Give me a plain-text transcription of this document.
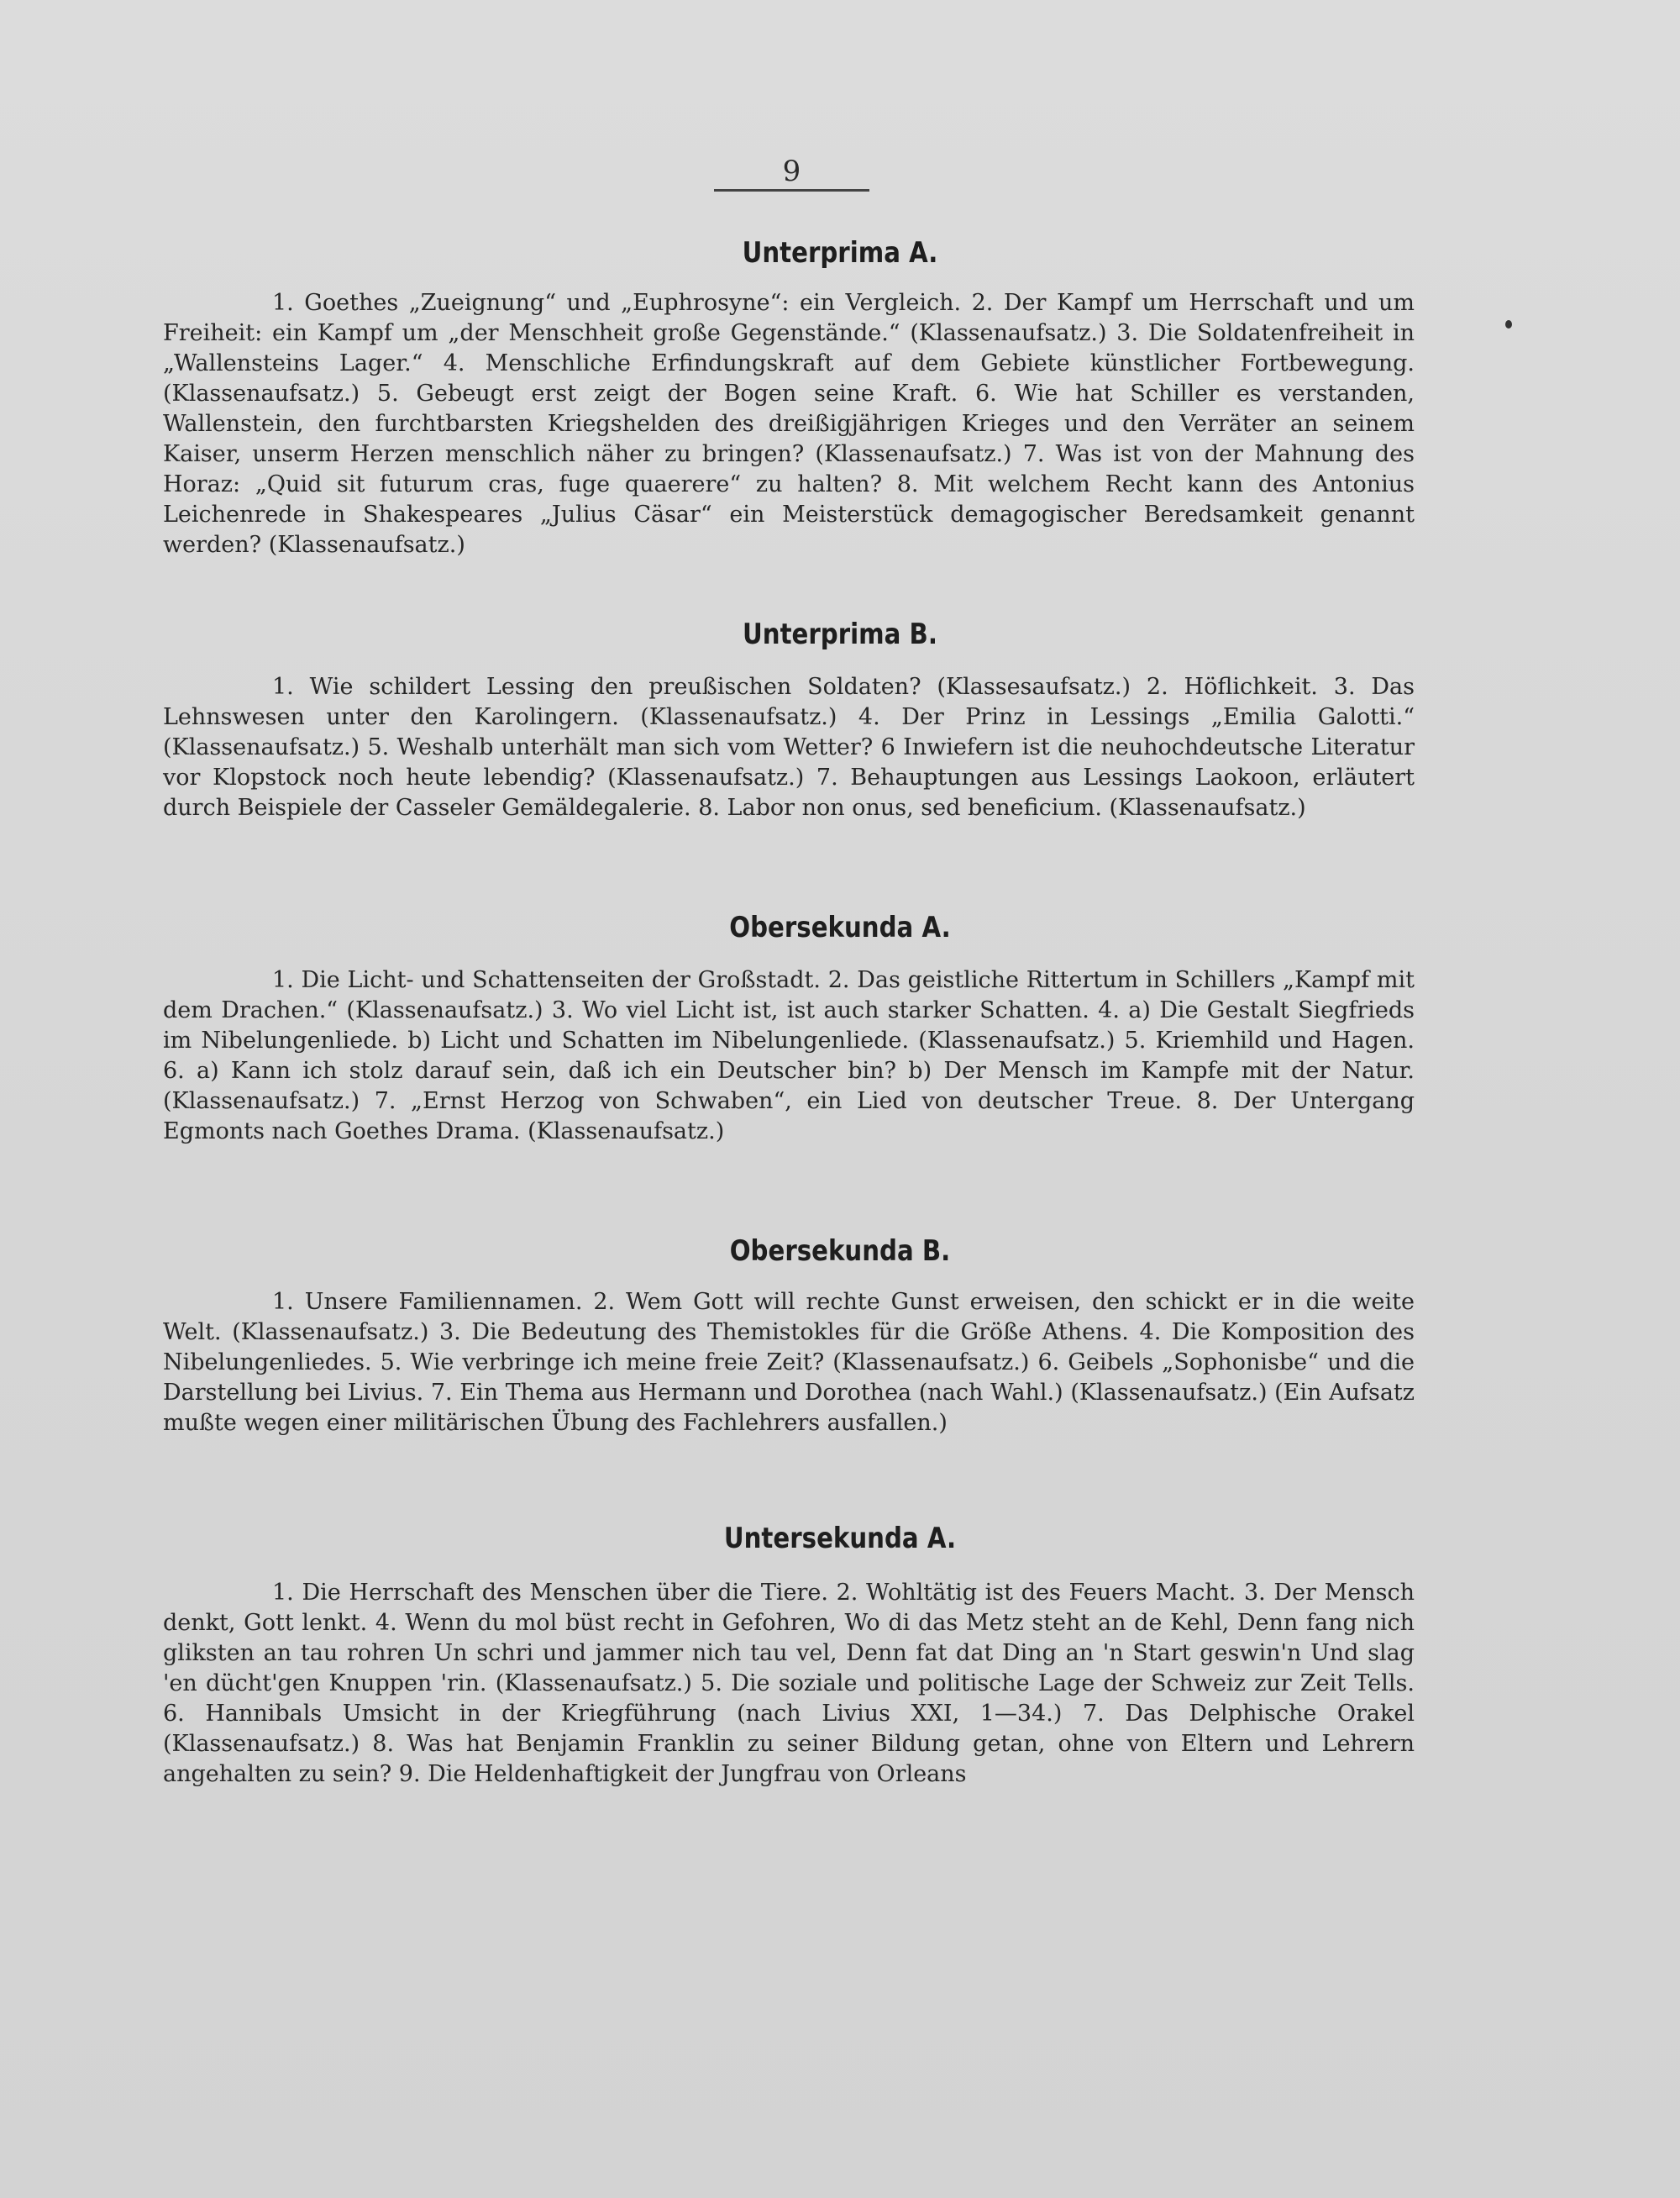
9
Unterprima A.

1. Goethes „Zueignung“ und „Euphrosyne“: ein Vergleich. 2. Der Kampf um Herrschaft und um Freiheit: ein Kampf um „der Menschheit große Gegenstände.“ (Klassenaufsatz.) 3. Die Soldatenfreiheit in „Wallensteins Lager.“ 4. Menschliche Erfindungskraft auf dem Gebiete künstlicher Fortbewegung. (Klassenaufsatz.) 5. Gebeugt erst zeigt der Bogen seine Kraft. 6. Wie hat Schiller es verstanden, Wallenstein, den furchtbarsten Kriegshelden des dreißigjährigen Krieges und den Verräter an seinem Kaiser, unserm Herzen menschlich näher zu bringen? (Klassenaufsatz.) 7. Was ist von der Mahnung des Horaz: „Quid sit futurum cras, fuge quaerere“ zu halten? 8. Mit welchem Recht kann des Antonius Leichenrede in Shakespeares „Julius Cäsar“ ein Meisterstück demagogischer Beredsamkeit genannt werden? (Klassenaufsatz.)

Unterprima B.

1. Wie schildert Lessing den preußischen Soldaten? (Klassesaufsatz.) 2. Höflichkeit. 3. Das Lehnswesen unter den Karolingern. (Klassenaufsatz.) 4. Der Prinz in Lessings „Emilia Galotti.“ (Klassenaufsatz.) 5. Weshalb unterhält man sich vom Wetter? 6 Inwiefern ist die neuhochdeutsche Literatur vor Klopstock noch heute lebendig? (Klassenaufsatz.) 7. Behauptungen aus Lessings Laokoon, erläutert durch Beispiele der Casseler Gemäldegalerie. 8. Labor non onus, sed beneficium. (Klassenaufsatz.)

Obersekunda A.

1. Die Licht- und Schattenseiten der Großstadt. 2. Das geistliche Rittertum in Schillers „Kampf mit dem Drachen.“ (Klassenaufsatz.) 3. Wo viel Licht ist, ist auch starker Schatten. 4. a) Die Gestalt Siegfrieds im Nibelungenliede. b) Licht und Schatten im Nibelungenliede. (Klassenaufsatz.) 5. Kriemhild und Hagen. 6. a) Kann ich stolz darauf sein, daß ich ein Deutscher bin? b) Der Mensch im Kampfe mit der Natur. (Klassenaufsatz.) 7. „Ernst Herzog von Schwaben“, ein Lied von deutscher Treue. 8. Der Untergang Egmonts nach Goethes Drama. (Klassenaufsatz.)

Obersekunda B.

1. Unsere Familiennamen. 2. Wem Gott will rechte Gunst erweisen, den schickt er in die weite Welt. (Klassenaufsatz.) 3. Die Bedeutung des Themistokles für die Größe Athens. 4. Die Komposition des Nibelungenliedes. 5. Wie verbringe ich meine freie Zeit? (Klassenaufsatz.) 6. Geibels „Sophonisbe“ und die Darstellung bei Livius. 7. Ein Thema aus Hermann und Dorothea (nach Wahl.) (Klassenaufsatz.) (Ein Aufsatz mußte wegen einer militärischen Übung des Fachlehrers ausfallen.)

Untersekunda A.

1. Die Herrschaft des Menschen über die Tiere. 2. Wohltätig ist des Feuers Macht. 3. Der Mensch denkt, Gott lenkt. 4. Wenn du mol büst recht in Gefohren, Wo di das Metz steht an de Kehl, Denn fang nich gliksten an tau rohren Un schri und jammer nich tau vel, Denn fat dat Ding an 'n Start geswin'n Und slag 'en dücht'gen Knuppen 'rin. (Klassenaufsatz.) 5. Die soziale und politische Lage der Schweiz zur Zeit Tells. 6. Hannibals Umsicht in der Kriegführung (nach Livius XXI, 1—34.) 7. Das Delphische Orakel (Klassenaufsatz.) 8. Was hat Benjamin Franklin zu seiner Bildung getan, ohne von Eltern und Lehrern angehalten zu sein? 9. Die Heldenhaftigkeit der Jungfrau von Orleans
